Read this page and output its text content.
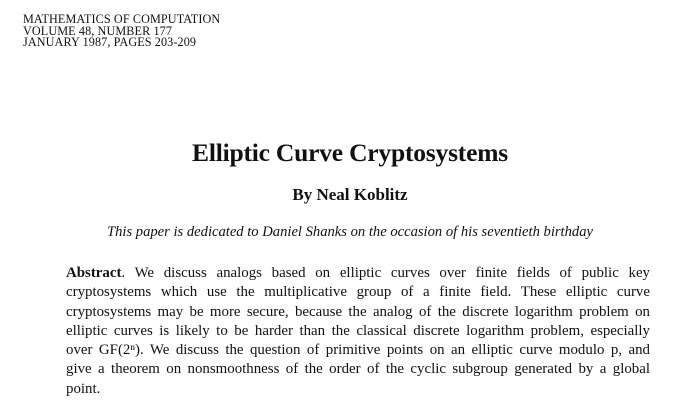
MATHEMATICS OF COMPUTATION
VOLUME 48, NUMBER 177
JANUARY 1987, PAGES 203-209
Elliptic Curve Cryptosystems
By Neal Koblitz
This paper is dedicated to Daniel Shanks on the occasion of his seventieth birthday
Abstract. We discuss analogs based on elliptic curves over finite fields of public key
cryptosystems which use the multiplicative group of a finite field. These elliptic curve
cryptosystems may be more secure, because the analog of the discrete logarithm problem on
elliptic curves is likely to be harder than the classical discrete logarithm problem, especially
over GF(2ⁿ). We discuss the question of primitive points on an elliptic curve modulo p, and
give a theorem on nonsmoothness of the order of the cyclic subgroup generated by a global
point.
